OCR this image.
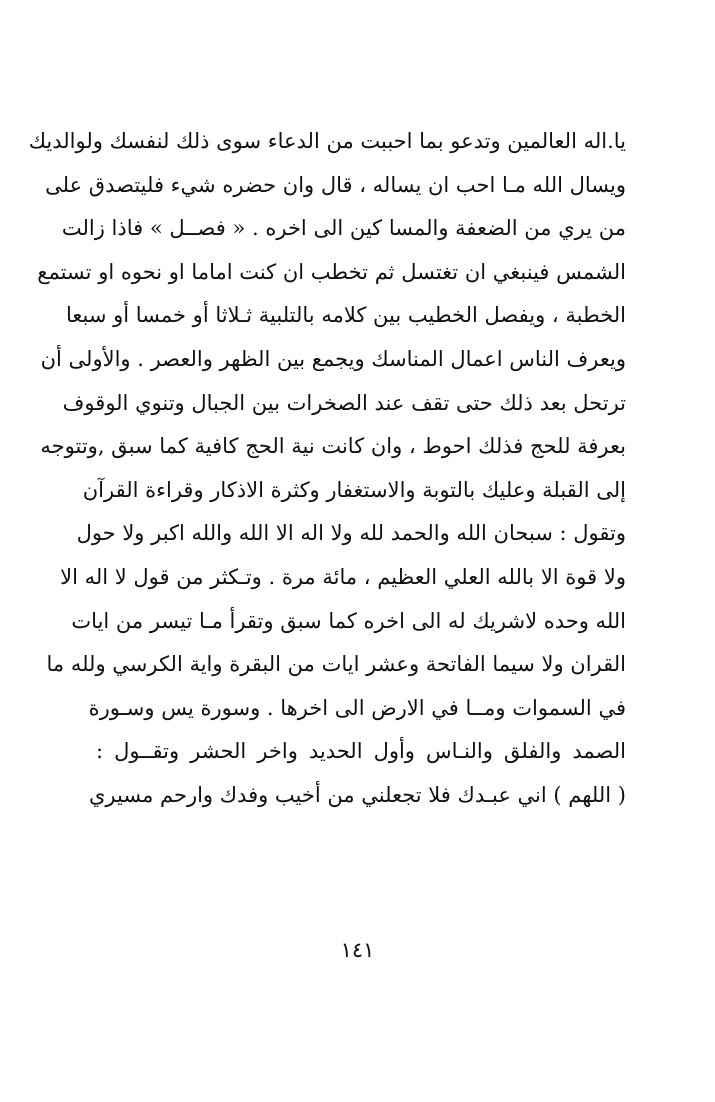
يا.اله العالمين وتدعو بما احببت من الدعاء سوى ذلك لنفسك ولوالديك
ويسال الله مـا احب ان يساله ، قال وان حضره شيء فليتصدق على
من يري من الضعفة والمسا كين الى اخره . « فصــل » فاذا زالت
الشمس فينبغي ان تغتسل ثم تخطب ان كنت اماما او نحوه او تستمع
الخطبة ، ويفصل الخطيب بين كلامه بالتلبية ثـلاثا أو خمسا أو سبعا
ويعرف الناس اعمال المناسك ويجمع بين الظهر والعصر . والأولى أن
ترتحل بعد ذلك حتى تقف عند الصخرات بين الجبال وتنوي الوقوف
بعرفة للحج فذلك احوط ، وان كانت نية الحج كافية كما سبق ,وتتوجه
إلى القبلة وعليك بالتوبة والاستغفار وكثرة الاذكار وقراءة القرآن
وتقول : سبحان الله والحمد لله ولا اله الا الله والله اكبر ولا حول
ولا قوة الا بالله العلي العظيم ، مائة مرة . وتـكثر من قول لا اله الا
الله وحده لاشريك له الى اخره كما سبق وتقرأ مـا تيسر من ايات
القران ولا سيما الفاتحة وعشر ايات من البقرة واية الكرسي ولله ما
في السموات ومــا في الارض الى اخرها . وسورة يس وسـورة
الصمد والفلق والنـاس وأول الحديد واخر الحشر وتقــول :
( اللهم ) اني عبـدك فلا تجعلني من أخيب وفدك وارحم مسيري
١٤١
